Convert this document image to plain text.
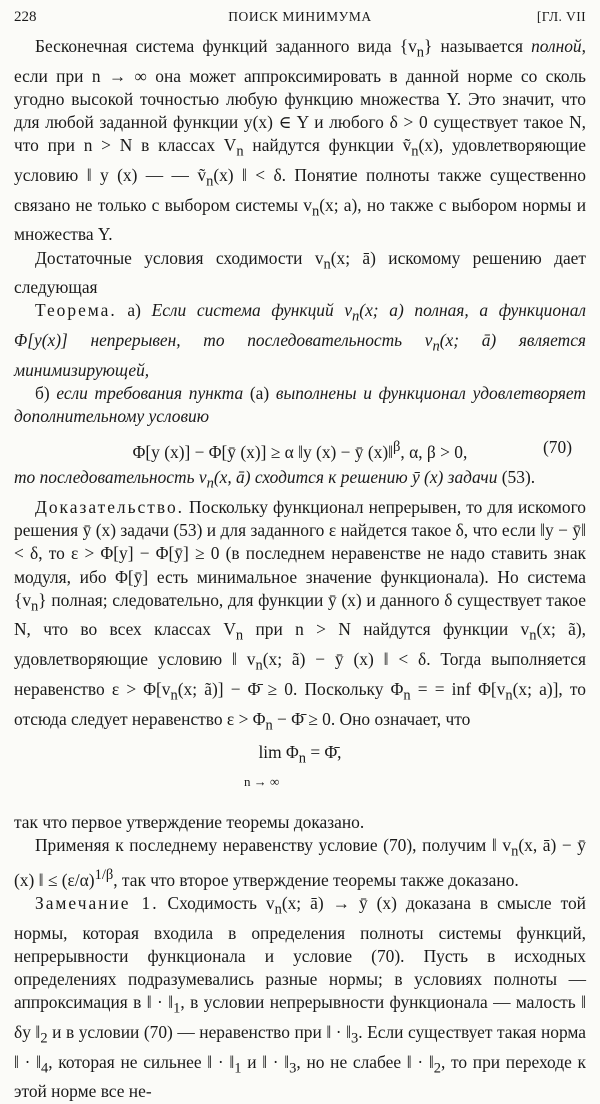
228	ПОИСК МИНИМУМА	[ГЛ. VII

Бесконечная система функций заданного вида $\{v_n\}$ называется полной, если при n → ∞ она может аппроксимировать в данной норме со сколь угодно высокой точностью любую функцию множества Y. Это значит, что для любой заданной функции y(x) ∈ Y и любого δ > 0 существует такое N, что при n > N в классах $V_n$ найдутся функции ṽ$_n$(x), удовлетворяющие условию ‖ y (x) — — ṽ$_n$(x) ‖ < δ. Понятие полноты также существенно связано не только с выбором системы $v_n(x$; a), но также с выбором нормы и множества Y.

Достаточные условия сходимости $v_n(x$; ā) искомому решению дает следующая

Теорема. а) Если система функций $v_n(x$; a) полная, а функционал Φ[y(x)] непрерывен, то последовательность $v_n(x$; ā) является минимизирующей,

б) если требования пункта (а) выполнены и функционал удовлетворяет дополнительному условию

Φ[y (x)] − Φ[ȳ (x)] ≥ α ‖y (x) − ȳ (x)‖$^\beta$, α, β > 0,	(70)

то последовательность $v_n(x$, ā) сходится к решению ȳ (x) задачи (53).

Доказательство. Поскольку функционал непрерывен, то для искомого решения ȳ (x) задачи (53) и для заданного ε найдется такое δ, что если ‖y − ȳ‖ < δ, то ε > Φ[y] − Φ[ȳ] ≥ 0 (в последнем неравенстве не надо ставить знак модуля, ибо Φ[ȳ] есть минимальное значение функционала). Но система $\{v_n\}$ полная; следовательно, для функции ȳ (x) и данного δ существует такое N, что во всех классах $V_n$ при n > N найдутся функции $v_n(x$; ã), удовлетворяющие условию ‖ $v_n(x$; ã) − ȳ (x) ‖ < δ. Тогда выполняется неравенство $\varepsilon > \Phi[v_n(x$; ã)] − Φ̄ ≥ 0. Поскольку $\Phi_n$ = = inf $\Phi[v_n(x$; a)], то отсюда следует неравенство $\varepsilon > \Phi_n$ − Φ̄ ≥ 0. Оно означает, что

$\lim \Phi_n$ = Φ̄,
n → ∞

так что первое утверждение теоремы доказано.

Применяя к последнему неравенству условие (70), получим ‖ $v_n(x$, ā) − ȳ (x) ‖ ≤ $(\varepsilon/\alpha)^{1/\beta}$, так что второе утверждение теоремы также доказано.

Замечание 1. Сходимость $v_n(x$; ā) → ȳ (x) доказана в смысле той нормы, которая входила в определения полноты системы функций, непрерывности функционала и условие (70). Пусть в исходных определениях подразумевались разные нормы; в условиях полноты — аппроксимация в ‖ · $‖_1$, в условии непрерывности функционала — малость ‖ δy $‖_2$ и в условии (70) — неравенство при ‖ · $‖_3$. Если существует такая норма ‖ · $‖_4$, которая не сильнее ‖ · $‖_1$ и ‖ · $‖_3$, но не слабее ‖ · $‖_2$, то при переходе к этой норме все не-
